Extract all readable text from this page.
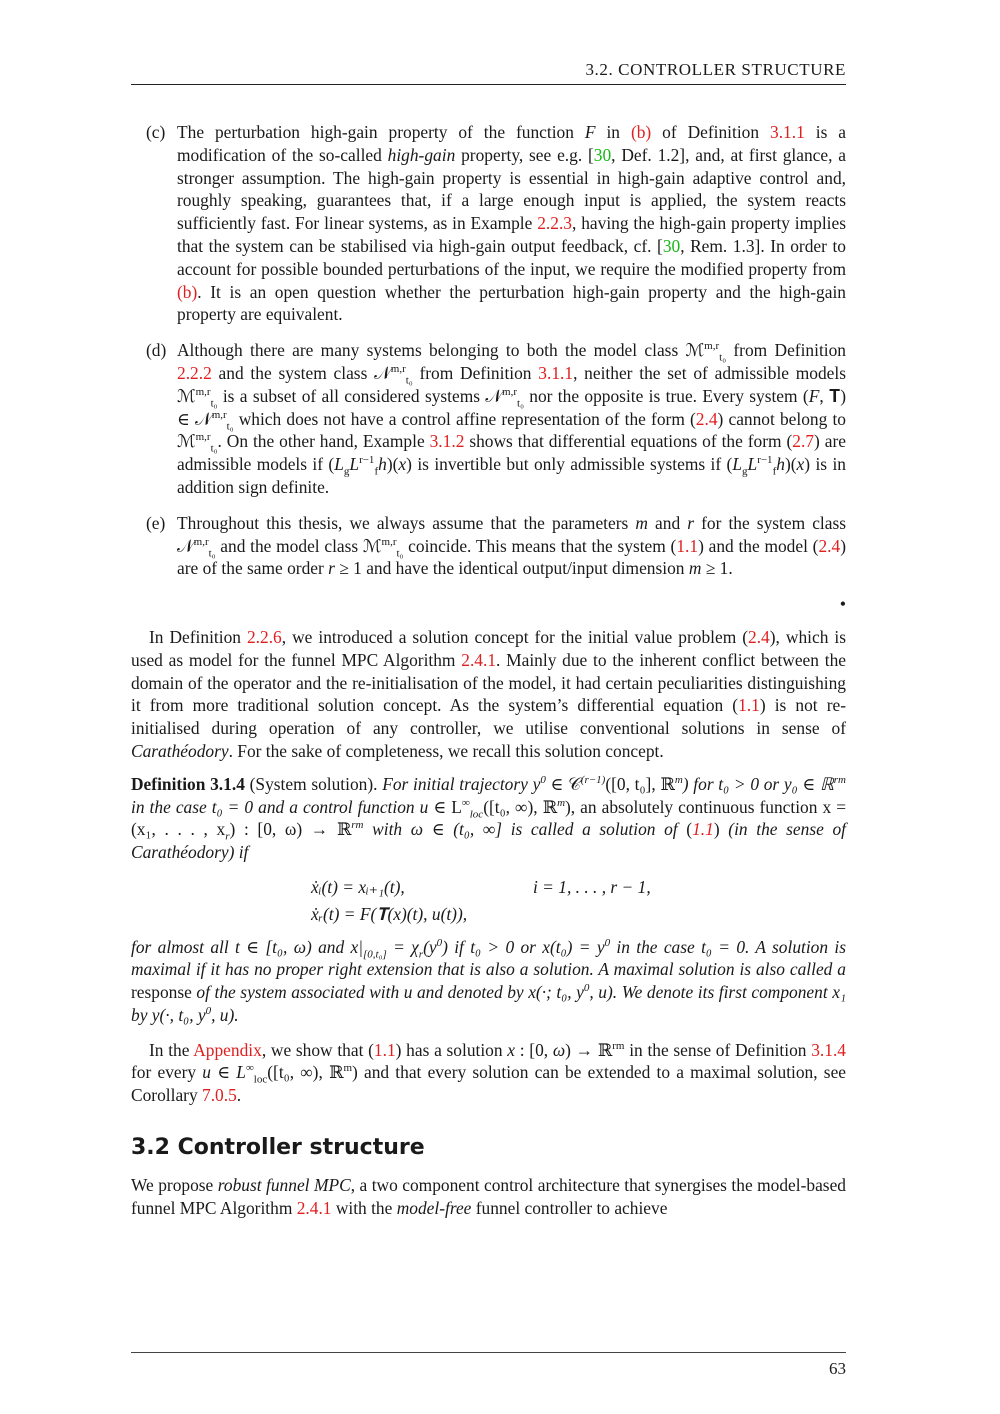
3.2. CONTROLLER STRUCTURE
(c) The perturbation high-gain property of the function F in (b) of Definition 3.1.1 is a modification of the so-called high-gain property, see e.g. [30, Def. 1.2], and, at first glance, a stronger assumption. The high-gain property is essential in high-gain adaptive control and, roughly speaking, guarantees that, if a large enough input is applied, the system reacts sufficiently fast. For linear systems, as in Example 2.2.3, having the high-gain property implies that the system can be stabilised via high-gain output feedback, cf. [30, Rem. 1.3]. In order to account for possible bounded perturbations of the input, we require the modified property from (b). It is an open question whether the perturbation high-gain property and the high-gain property are equivalent.
(d) Although there are many systems belonging to both the model class ℳ$^{m,r}_{t_0}$ from Definition 2.2.2 and the system class 𝒩$^{m,r}_{t_0}$ from Definition 3.1.1, neither the set of admissible models ℳ$^{m,r}_{t_0}$ is a subset of all considered systems 𝒩$^{m,r}_{t_0}$ nor the opposite is true. Every system (F, 𝐓) ∈ 𝒩$^{m,r}_{t_0}$ which does not have a control affine representation of the form (2.4) cannot belong to ℳ$^{m,r}_{t_0}$. On the other hand, Example 3.1.2 shows that differential equations of the form (2.7) are admissible models if $(L_gL^{r-1}_fh)(x)$ is invertible but only admissible systems if $(L_gL^{r-1}_fh)(x)$ is in addition sign definite.
(e) Throughout this thesis, we always assume that the parameters m and r for the system class 𝒩$^{m,r}_{t_0}$ and the model class ℳ$^{m,r}_{t_0}$ coincide. This means that the system (1.1) and the model (2.4) are of the same order r ≥ 1 and have the identical output/input dimension m ≥ 1.
•

In Definition 2.2.6, we introduced a solution concept for the initial value problem (2.4), which is used as model for the funnel MPC Algorithm 2.4.1. Mainly due to the inherent conflict between the domain of the operator and the re-initialisation of the model, it had certain peculiarities distinguishing it from more traditional solution concept. As the system’s differential equation (1.1) is not re-initialised during operation of any controller, we utilise conventional solutions in sense of Carathéodory. For the sake of completeness, we recall this solution concept.

Definition 3.1.4 (System solution). For initial trajectory $y^0$ ∈ 𝒞$^{(r-1)}$([0, t₀], ℝ$^m$) for t₀ > 0 or y₀ ∈ ℝ$^{rm}$ in the case t₀ = 0 and a control function u ∈ $L^\infty_{loc}([t_0$, ∞), ℝ$^m$), an absolutely continuous function x = (x₁, . . . , $x_r$) : [0, ω) → ℝ$^{rm}$ with ω ∈ (t₀, ∞] is called a solution of (1.1) (in the sense of Carathéodory) if

ẋᵢ(t) = xᵢ₊₁(t),	i = 1, . . . , r − 1,
ẋᵣ(t) = F(𝐓(x)(t), u(t)),

for almost all t ∈ [t₀, ω) and $x|_{[0,t_0]} = \chi_r(y^0)$ if t₀ > 0 or $x(t_0) = y^0$ in the case t₀ = 0. A solution is maximal if it has no proper right extension that is also a solution. A maximal solution is also called a response of the system associated with u and denoted by x(·; t₀, $y^0$, u). We denote its first component x₁ by y(·, t₀, $y^0$, u).

In the Appendix, we show that (1.1) has a solution x : [0, ω) → ℝ$^{rm}$ in the sense of Definition 3.1.4 for every u ∈ $L^\infty_{loc}([t_0$, ∞), ℝ$^m$) and that every solution can be extended to a maximal solution, see Corollary 7.0.5.

3.2 Controller structure

We propose robust funnel MPC, a two component control architecture that synergises the model-based funnel MPC Algorithm 2.4.1 with the model-free funnel controller to achieve

63
